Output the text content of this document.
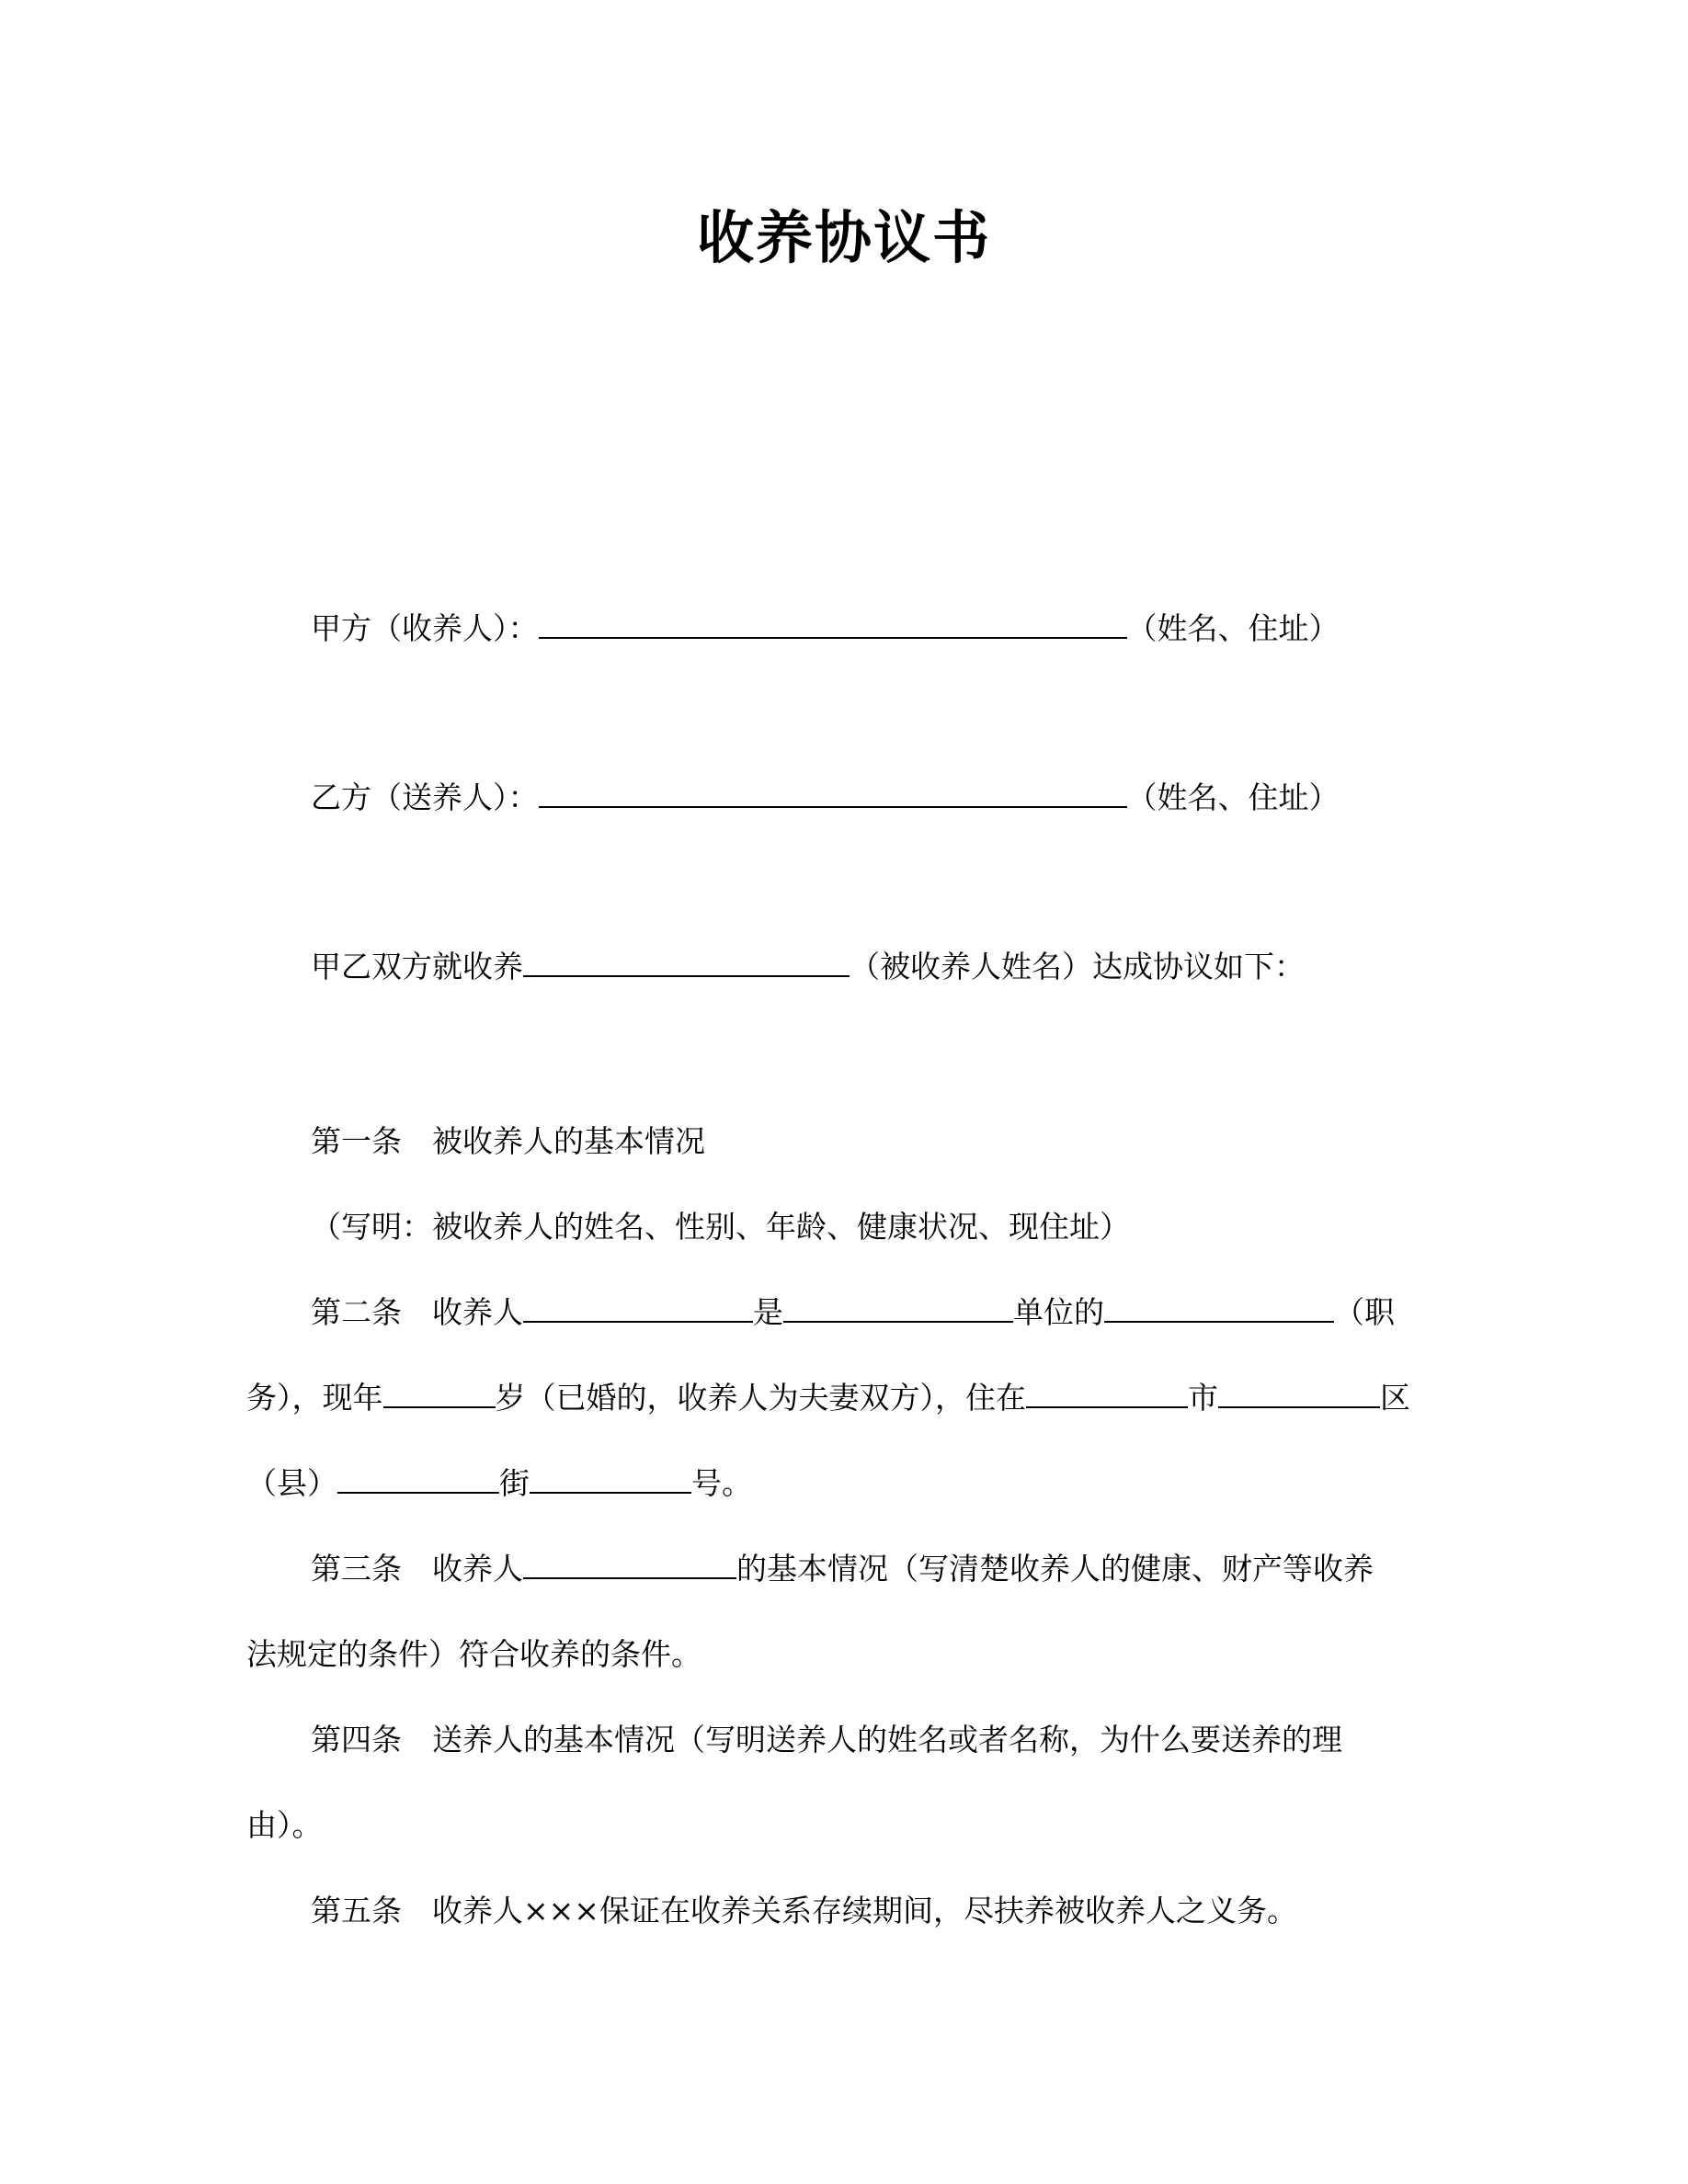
收养协议书
甲方（收养人）：	（姓名、住址）
乙方（送养人）：	（姓名、住址）
甲乙双方就收养	（被收养人姓名）达成协议如下：
第一条　被收养人的基本情况
（写明：被收养人的姓名、性别、年龄、健康状况、现住址）
第二条　收养人	是	单位的	（职
务），现年	岁（已婚的，收养人为夫妻双方），住在	市	区
（县）	街	号。
第三条　收养人	的基本情况（写清楚收养人的健康、财产等收养
法规定的条件）符合收养的条件。
第四条　送养人的基本情况（写明送养人的姓名或者名称，为什么要送养的理
由）。
第五条　收养人×××保证在收养关系存续期间，尽扶养被收养人之义务。
